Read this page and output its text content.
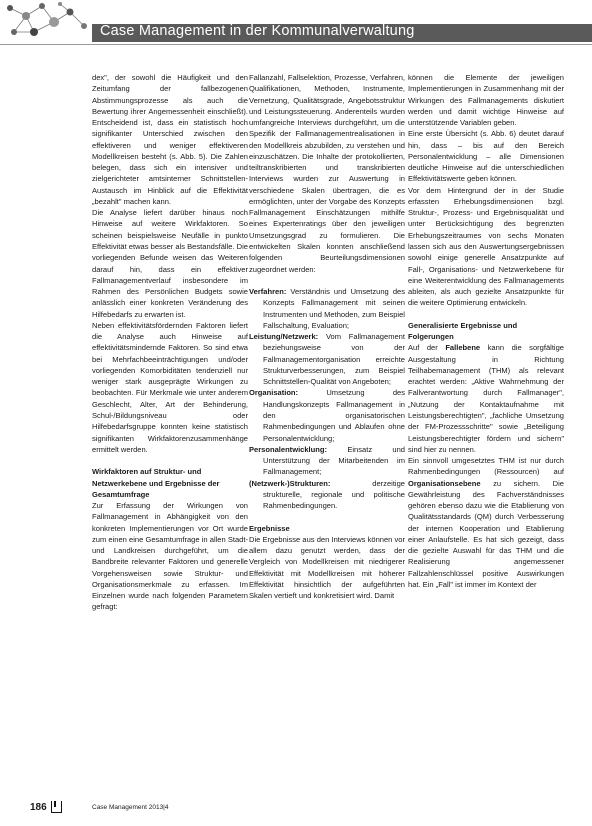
Case Management in der Kommunalverwaltung

dex", der sowohl die Häufigkeit und den Zeitumfang der fallbezogenen Abstimmungsprozesse als auch die Bewertung ihrer Angemessenheit einschließt). Entscheidend ist, dass ein statistisch hoch signifikanter Unterschied zwischen den effektiveren und weniger effektiveren Modellkreisen besteht (s. Abb. 5). Die Zahlen belegen, dass sich ein intensiver und zielgerichteter amtsinterner Schnittstellen-Austausch im Hinblick auf die Effektivität „bezahlt" machen kann.

Die Analyse liefert darüber hinaus noch Hinweise auf weitere Wirkfaktoren. So scheinen beispielsweise Neufälle in punkto Effektivität etwas besser als Bestandsfälle. Die vorliegenden Befunde weisen das Weiteren darauf hin, dass ein effektiver Fallmanagementverlauf insbesondere im Rahmen des Persönlichen Budgets sowie anlässlich einer konkreten Veränderung des Hilfebedarfs zu erwarten ist.

Neben effektivitätsfördernden Faktoren liefert die Analyse auch Hinweise auf effektivitätsmindernde Faktoren. So sind etwa bei Mehrfachbeeinträchtigungen und/oder vorliegenden Komorbiditäten tendenziell nur weniger stark ausgeprägte Wirkungen zu beobachten. Für Merkmale wie unter anderem Geschlecht, Alter, Art der Behinderung, Schul-/Bildungsniveau oder Hilfebedarfsgruppe konnten keine statistisch signifikanten Wirkfaktorenzusammenhänge ermittelt werden.

Wirkfaktoren auf Struktur- und Netzwerkebene und Ergebnisse der Gesamtumfrage

Zur Erfassung der Wirkungen von Fallmanagement in Abhängigkeit von den konkreten Implementierungen vor Ort wurde zum einen eine Gesamtumfrage in allen Stadt- und Landkreisen durchgeführt, um die Bandbreite relevanter Faktoren und generelle Vorgehensweisen sowie Struktur- und Organisationsmerkmale zu erfassen. Im Einzelnen wurde nach folgenden Parametern gefragt:

Fallanzahl, Fallselektion, Prozesse, Verfahren, Qualifikationen, Methoden, Instrumente, Vernetzung, Qualitätsgrade, Angebotsstruktur und Leistungssteuerung. Anderenteils wurden umfangreiche Interviews durchgeführt, um die Spezifik der Fallmanagementrealisationen in den Modellkreis abzubilden, zu verstehen und einzuschätzen. Die Inhalte der protokollierten, teiltranskribierten und transkribierten Interviews wurden zur Auswertung in verschiedene Skalen übertragen, die es ermöglichten, unter der Vorgabe des Konzepts Fallmanagement Einschätzungen mithilfe eines Expertenratings über den jeweiligen Umsetzungsgrad zu formulieren. Die entwickelten Skalen konnten anschließend folgenden Beurteilungsdimensionen zugeordnet werden:

Verfahren: Verständnis und Umsetzung des Konzepts Fallmanagement mit seinen Instrumenten und Methoden, zum Beispiel Fallschaltung, Evaluation;

Leistung/Netzwerk: Vom Fallmanagement beziehungsweise von der Fallmanagementorganisation erreichte Strukturverbesserungen, zum Beispiel Schnittstellen-Qualität von Angeboten;

Organisation:	Umsetzung des Handlungskonzepts Fallmanagement in den organisatorischen Rahmenbedingungen und Ablaufen ohne Personalentwicklung;

Personalentwicklung:	Einsatz und Unterstützung der Mitarbeitenden im Fallmanagement;

(Netzwerk-)Strukturen:	derzeitige strukturelle, regionale und politische Rahmenbedingungen.

Ergebnisse

Die Ergebnisse aus den Interviews können vor allem dazu genutzt werden, dass der Vergleich von Modellkreisen mit niedrigerer Effektivität mit Modellkreisen mit höherer Effektivität hinsichtlich der aufgeführten Skalen vertieft und konkretisiert wird. Damit

können die Elemente der jeweiligen Implementierungen in Zusammenhang mit der Wirkungen des Fallmanagements diskutiert werden und damit wichtige Hinweise auf unterstützende Variablen geben.

Eine erste Übersicht (s. Abb. 6) deutet darauf hin, dass – bis auf den Bereich Personalentwicklung – alle Dimensionen deutliche Hinweise auf die unterschiedlichen Effektivitätswerte geben können.

Vor dem Hintergrund der in der Studie erfassten Erhebungsdimensionen bzgl. Struktur-, Prozess- und Ergebnisqualität und unter Berücksichtigung des begrenzten Erhebungszeitraumes von sechs Monaten lassen sich aus den Auswertungsergebnissen sowohl einige generelle Ansatzpunkte auf Fall-, Organisations- und Netzwerkebene für eine Weiterentwicklung des Fallmanagements ableiten, als auch gezielte Ansatzpunkte für die weitere Optimierung entwickeln.

Generalisierte Ergebnisse und Folgerungen

Auf der Fallebene kann die sorgfältige Ausgestaltung in Richtung Teilhabemanagement (THM) als relevant erachtet werden: „Aktive Wahrnehmung der Fallverantwortung durch Fallmanager", „Nutzung der Kontaktaufnahme mit Leistungsberechtigten", „fachliche Umsetzung der FM-Prozessschritte" sowie „Beteiligung Leistungsberechtigter fördern und sichern" sind hier zu nennen.

Ein sinnvoll umgesetztes THM ist nur durch Rahmenbedingungen (Ressourcen) auf Organisationsebene zu sichern. Die Gewährleistung des Fachverständnisses gehören ebenso dazu wie die Etablierung von Qualitätsstandards (QM) durch Verbesserung der internen Kooperation und Etablierung einer Anlaufstelle. Es hat sich gezeigt, dass die gezielte Auswahl für das THM und die Realisierung angemessener Fallzahlenschlüssel positive Auswirkungen hat. Ein „Fall" ist immer im Kontext der

186	Case Management 2013|4
